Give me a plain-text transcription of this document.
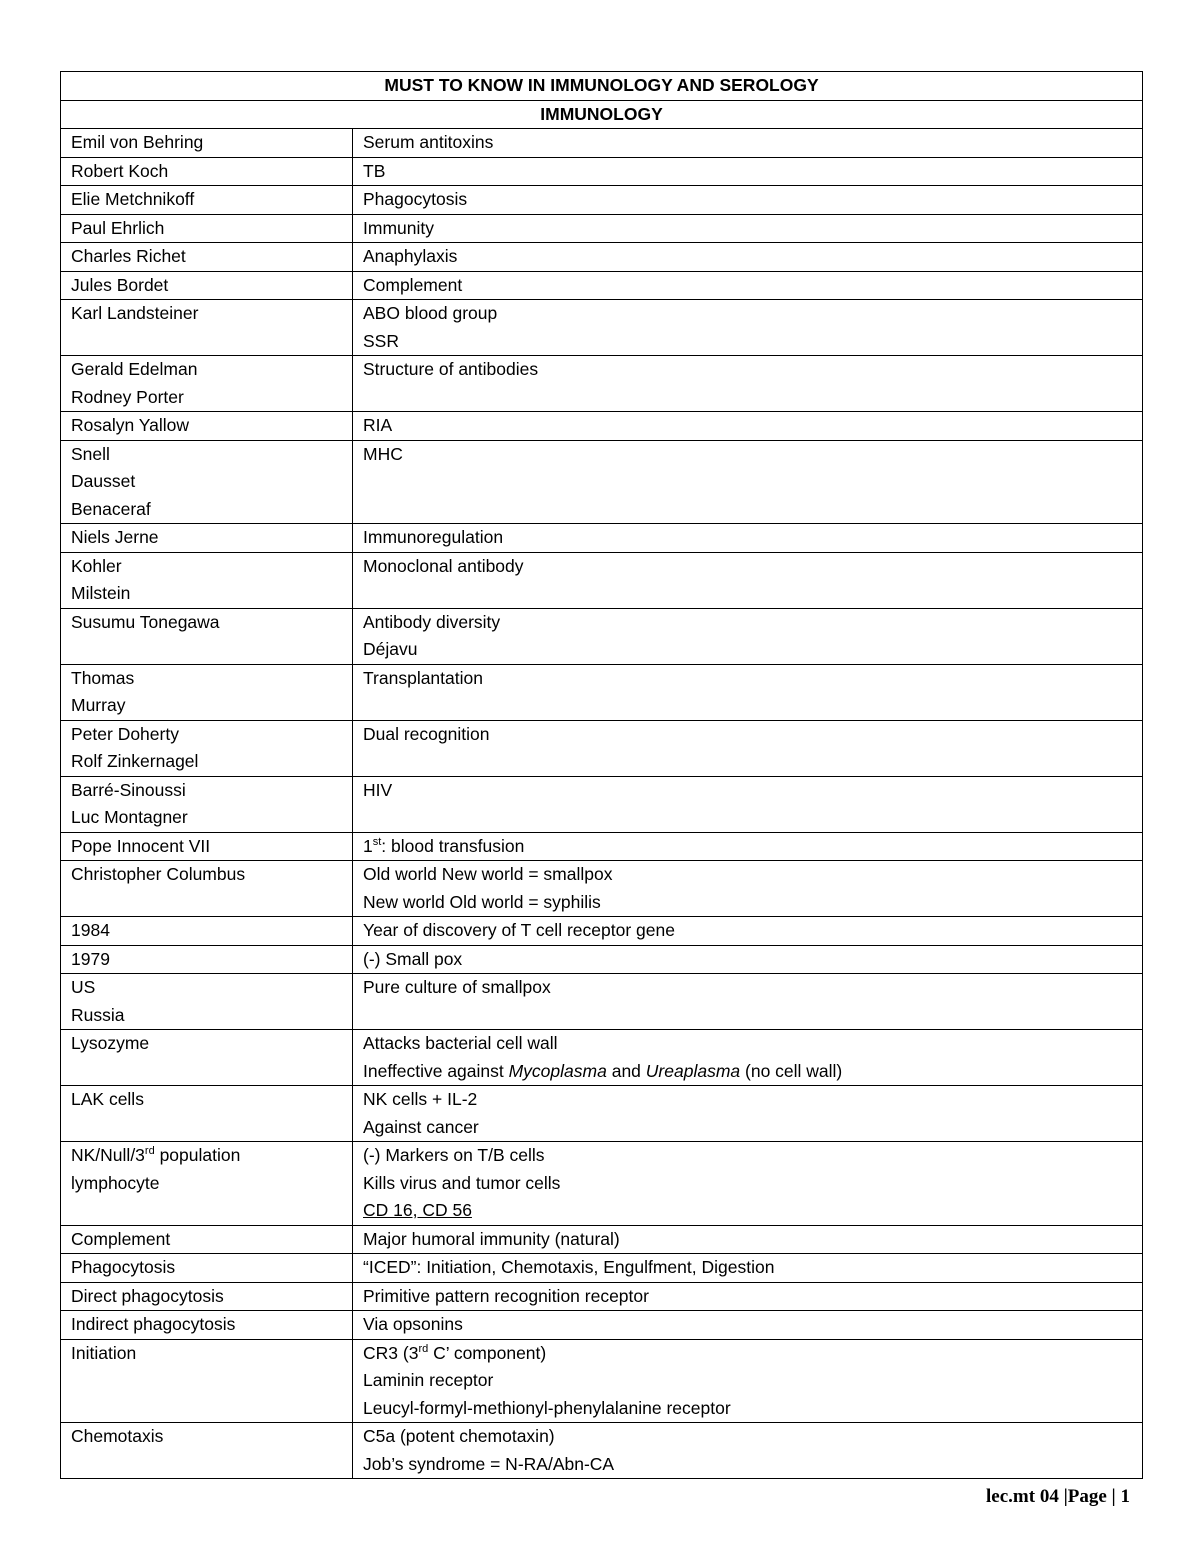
MUST TO KNOW IN IMMUNOLOGY AND SEROLOGY	
IMMUNOLOGY	

Emil von Behring	Serum antitoxins

Robert Koch	TB

Elie Metchnikoff	Phagocytosis

Paul Ehrlich	Immunity

Charles Richet	Anaphylaxis

Jules Bordet	Complement

Karl Landsteiner	ABO blood group
SSR

Gerald Edelman
Rodney Porter	Structure of antibodies

Rosalyn Yallow	RIA

Snell
Dausset
Benaceraf	MHC

Niels Jerne	Immunoregulation

Kohler
Milstein	Monoclonal antibody

Susumu Tonegawa	Antibody diversity
Déjavu

Thomas
Murray	Transplantation

Peter Doherty
Rolf Zinkernagel	Dual recognition

Barré-Sinoussi
Luc Montagner	HIV

Pope Innocent VII	1st: blood transfusion

Christopher Columbus	Old world New world = smallpox
New world Old world = syphilis

1984	Year of discovery of T cell receptor gene

1979	(-) Small pox

US
Russia	Pure culture of smallpox

Lysozyme	Attacks bacterial cell wall
Ineffective against Mycoplasma and Ureaplasma (no cell wall)

LAK cells	NK cells + IL-2
Against cancer

NK/Null/3rd population
lymphocyte	(-) Markers on T/B cells
Kills virus and tumor cells
CD 16, CD 56

Complement	Major humoral immunity (natural)

Phagocytosis	“ICED”: Initiation, Chemotaxis, Engulfment, Digestion

Direct phagocytosis	Primitive pattern recognition receptor

Indirect phagocytosis	Via opsonins

Initiation	CR3 (3rd C’ component)
Laminin receptor
Leucyl-formyl-methionyl-phenylalanine receptor

Chemotaxis	C5a (potent chemotaxin)
Job’s syndrome = N-RA/Abn-CA
lec.mt 04 |Page | 1
